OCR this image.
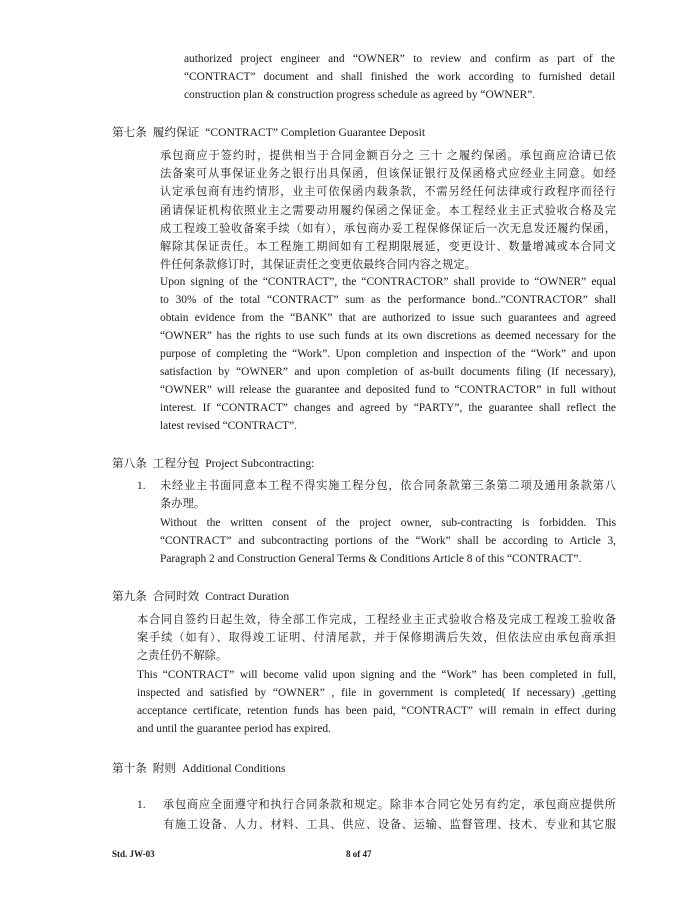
authorized project engineer and “OWNER” to review and confirm as part of the

“CONTRACT” document and shall finished the work according to furnished detail

construction plan & construction progress schedule as agreed by “OWNER”.

第七条 履约保证 “CONTRACT” Completion Guarantee Deposit

承包商应于签约时，提供相当于合同金额百分之 三十 之履约保函。承包商应洽请已依

法备案可从事保证业务之银行出具保函，但该保证银行及保函格式应经业主同意。如经

认定承包商有违约情形，业主可依保函内载条款，不需另经任何法律或行政程序而径行

函请保证机构依照业主之需要动用履约保函之保证金。本工程经业主正式验收合格及完

成工程竣工验收备案手续（如有），承包商办妥工程保修保证后一次无息发还履约保函，

解除其保证责任。本工程施工期间如有工程期限展延，变更设计、数量增减或本合同文

件任何条款修订时，其保证责任之变更依最终合同内容之规定。

Upon signing of the “CONTRACT”, the “CONTRACTOR” shall provide to “OWNER” equal

to 30% of the total “CONTRACT” sum as the performance bond..”CONTRACTOR” shall

obtain evidence from the “BANK” that are authorized to issue such guarantees and agreed

“OWNER” has the rights to use such funds at its own discretions as deemed necessary for the

purpose of completing the “Work”. Upon completion and inspection of the “Work” and upon

satisfaction by “OWNER” and upon completion of as-built documents filing (If necessary),

“OWNER” will release the guarantee and deposited fund to “CONTRACTOR” in full without

interest. If “CONTRACT” changes and agreed by “PARTY”, the guarantee shall reflect the

latest revised “CONTRACT”.

第八条 工程分包 Project Subcontracting:
1. 未经业主书面同意本工程不得实施工程分包，依合同条款第三条第二项及通用条款第八

条办理。

Without the written consent of the project owner, sub-contracting is forbidden. This

“CONTRACT” and subcontracting portions of the “Work” shall be according to Article 3,

Paragraph 2 and Construction General Terms & Conditions Article 8 of this “CONTRACT”.

第九条 合同时效 Contract Duration

本合同自签约日起生效，待全部工作完成，工程经业主正式验收合格及完成工程竣工验收备

案手续（如有）、取得竣工证明、付清尾款，并于保修期满后失效，但依法应由承包商承担

之责任仍不解除。

This “CONTRACT” will become valid upon signing and the “Work” has been completed in full,

inspected and satisfied by “OWNER” , file in government is completed( If necessary) ,getting

acceptance certificate, retention funds has been paid, “CONTRACT” will remain in effect during

and until the guarantee period has expired.

第十条 附则 Additional Conditions
1. 承包商应全面遵守和执行合同条款和规定。除非本合同它处另有约定，承包商应提供所

有施工设备、人力、材料、工具、供应、设备、运输、监督管理、技术、专业和其它服

Std. JW-03	8 of 47
